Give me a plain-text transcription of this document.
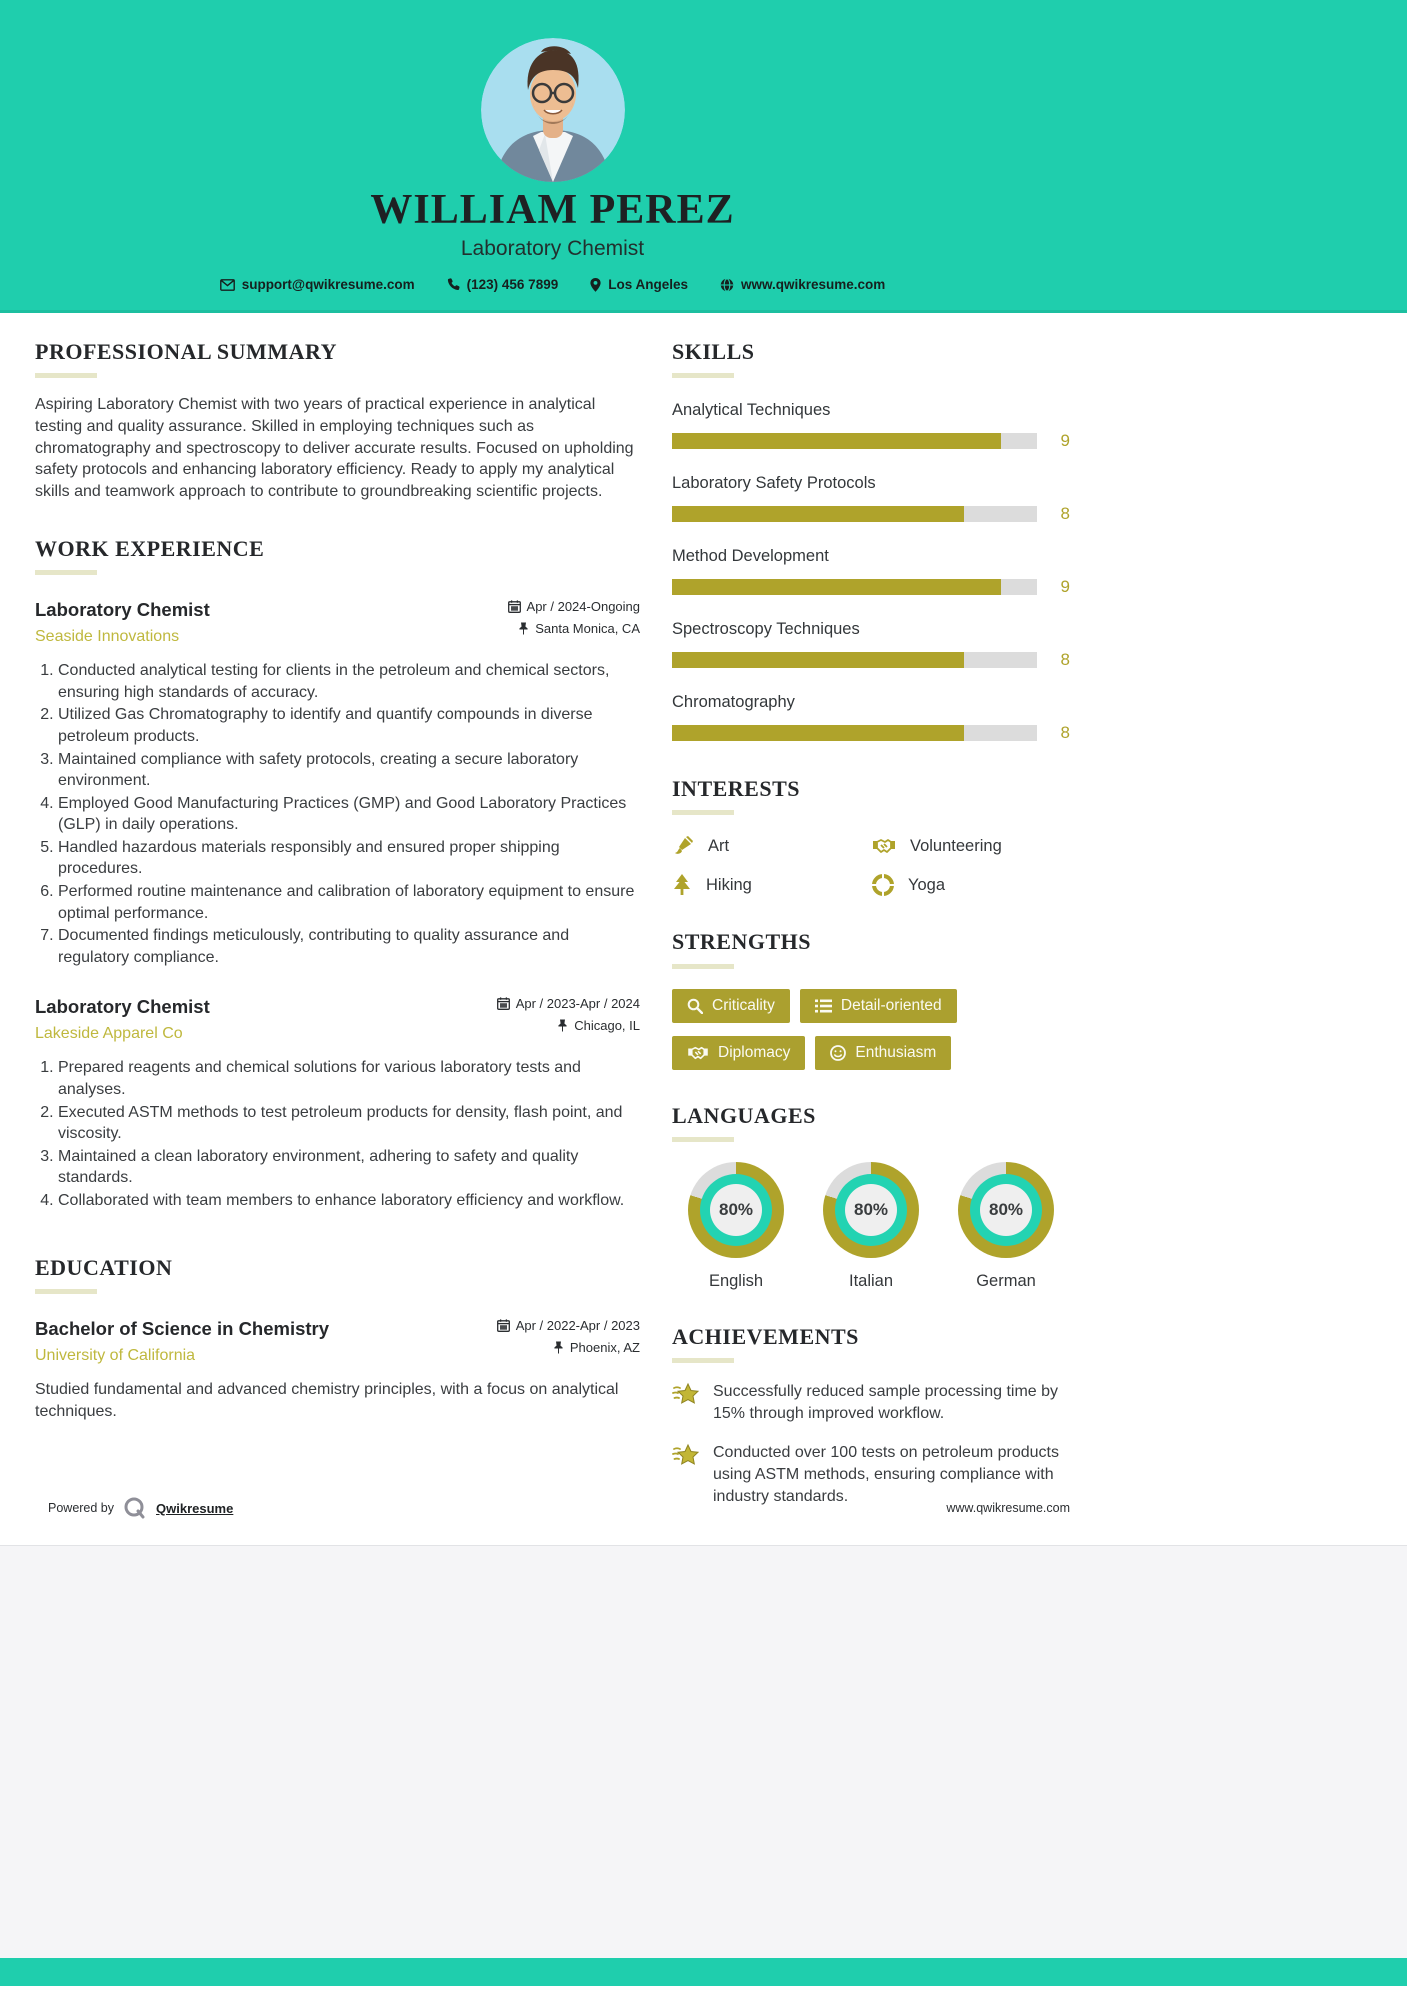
WILLIAM PEREZ
Laboratory Chemist
support@qwikresume.com	(123) 456 7899	Los Angeles	www.qwikresume.com
PROFESSIONAL SUMMARY

Aspiring Laboratory Chemist with two years of practical experience in analytical testing and quality assurance. Skilled in employing techniques such as chromatography and spectroscopy to deliver accurate results. Focused on upholding safety protocols and enhancing laboratory efficiency. Ready to apply my analytical skills and teamwork approach to contribute to groundbreaking scientific projects.

WORK EXPERIENCE
Laboratory Chemist
Seaside Innovations
Apr / 2024-Ongoing
Santa Monica, CA
1. Conducted analytical testing for clients in the petroleum and chemical sectors, ensuring high standards of accuracy.
2. Utilized Gas Chromatography to identify and quantify compounds in diverse petroleum products.
3. Maintained compliance with safety protocols, creating a secure laboratory environment.
4. Employed Good Manufacturing Practices (GMP) and Good Laboratory Practices (GLP) in daily operations.
5. Handled hazardous materials responsibly and ensured proper shipping procedures.
6. Performed routine maintenance and calibration of laboratory equipment to ensure optimal performance.
7. Documented findings meticulously, contributing to quality assurance and regulatory compliance.
Laboratory Chemist
Lakeside Apparel Co
Apr / 2023-Apr / 2024
Chicago, IL
1. Prepared reagents and chemical solutions for various laboratory tests and analyses.
2. Executed ASTM methods to test petroleum products for density, flash point, and viscosity.
3. Maintained a clean laboratory environment, adhering to safety and quality standards.
4. Collaborated with team members to enhance laboratory efficiency and workflow.
EDUCATION
Bachelor of Science in Chemistry
University of California
Apr / 2022-Apr / 2023
Phoenix, AZ

Studied fundamental and advanced chemistry principles, with a focus on analytical techniques.

SKILLS
Analytical Techniques
9
Laboratory Safety Protocols
8
Method Development
9
Spectroscopy Techniques
8
Chromatography
8
INTERESTS
Art	Volunteering
Hiking	Yoga
STRENGTHS
Criticality	Detail-oriented
Diplomacy	Enthusiasm
LANGUAGES
80%
English
80%
Italian
80%
German
ACHIEVEMENTS
Successfully reduced sample processing time by 15% through improved workflow.
Conducted over 100 tests on petroleum products using ASTM methods, ensuring compliance with industry standards.
Powered by	Qwikresume	www.qwikresume.com
